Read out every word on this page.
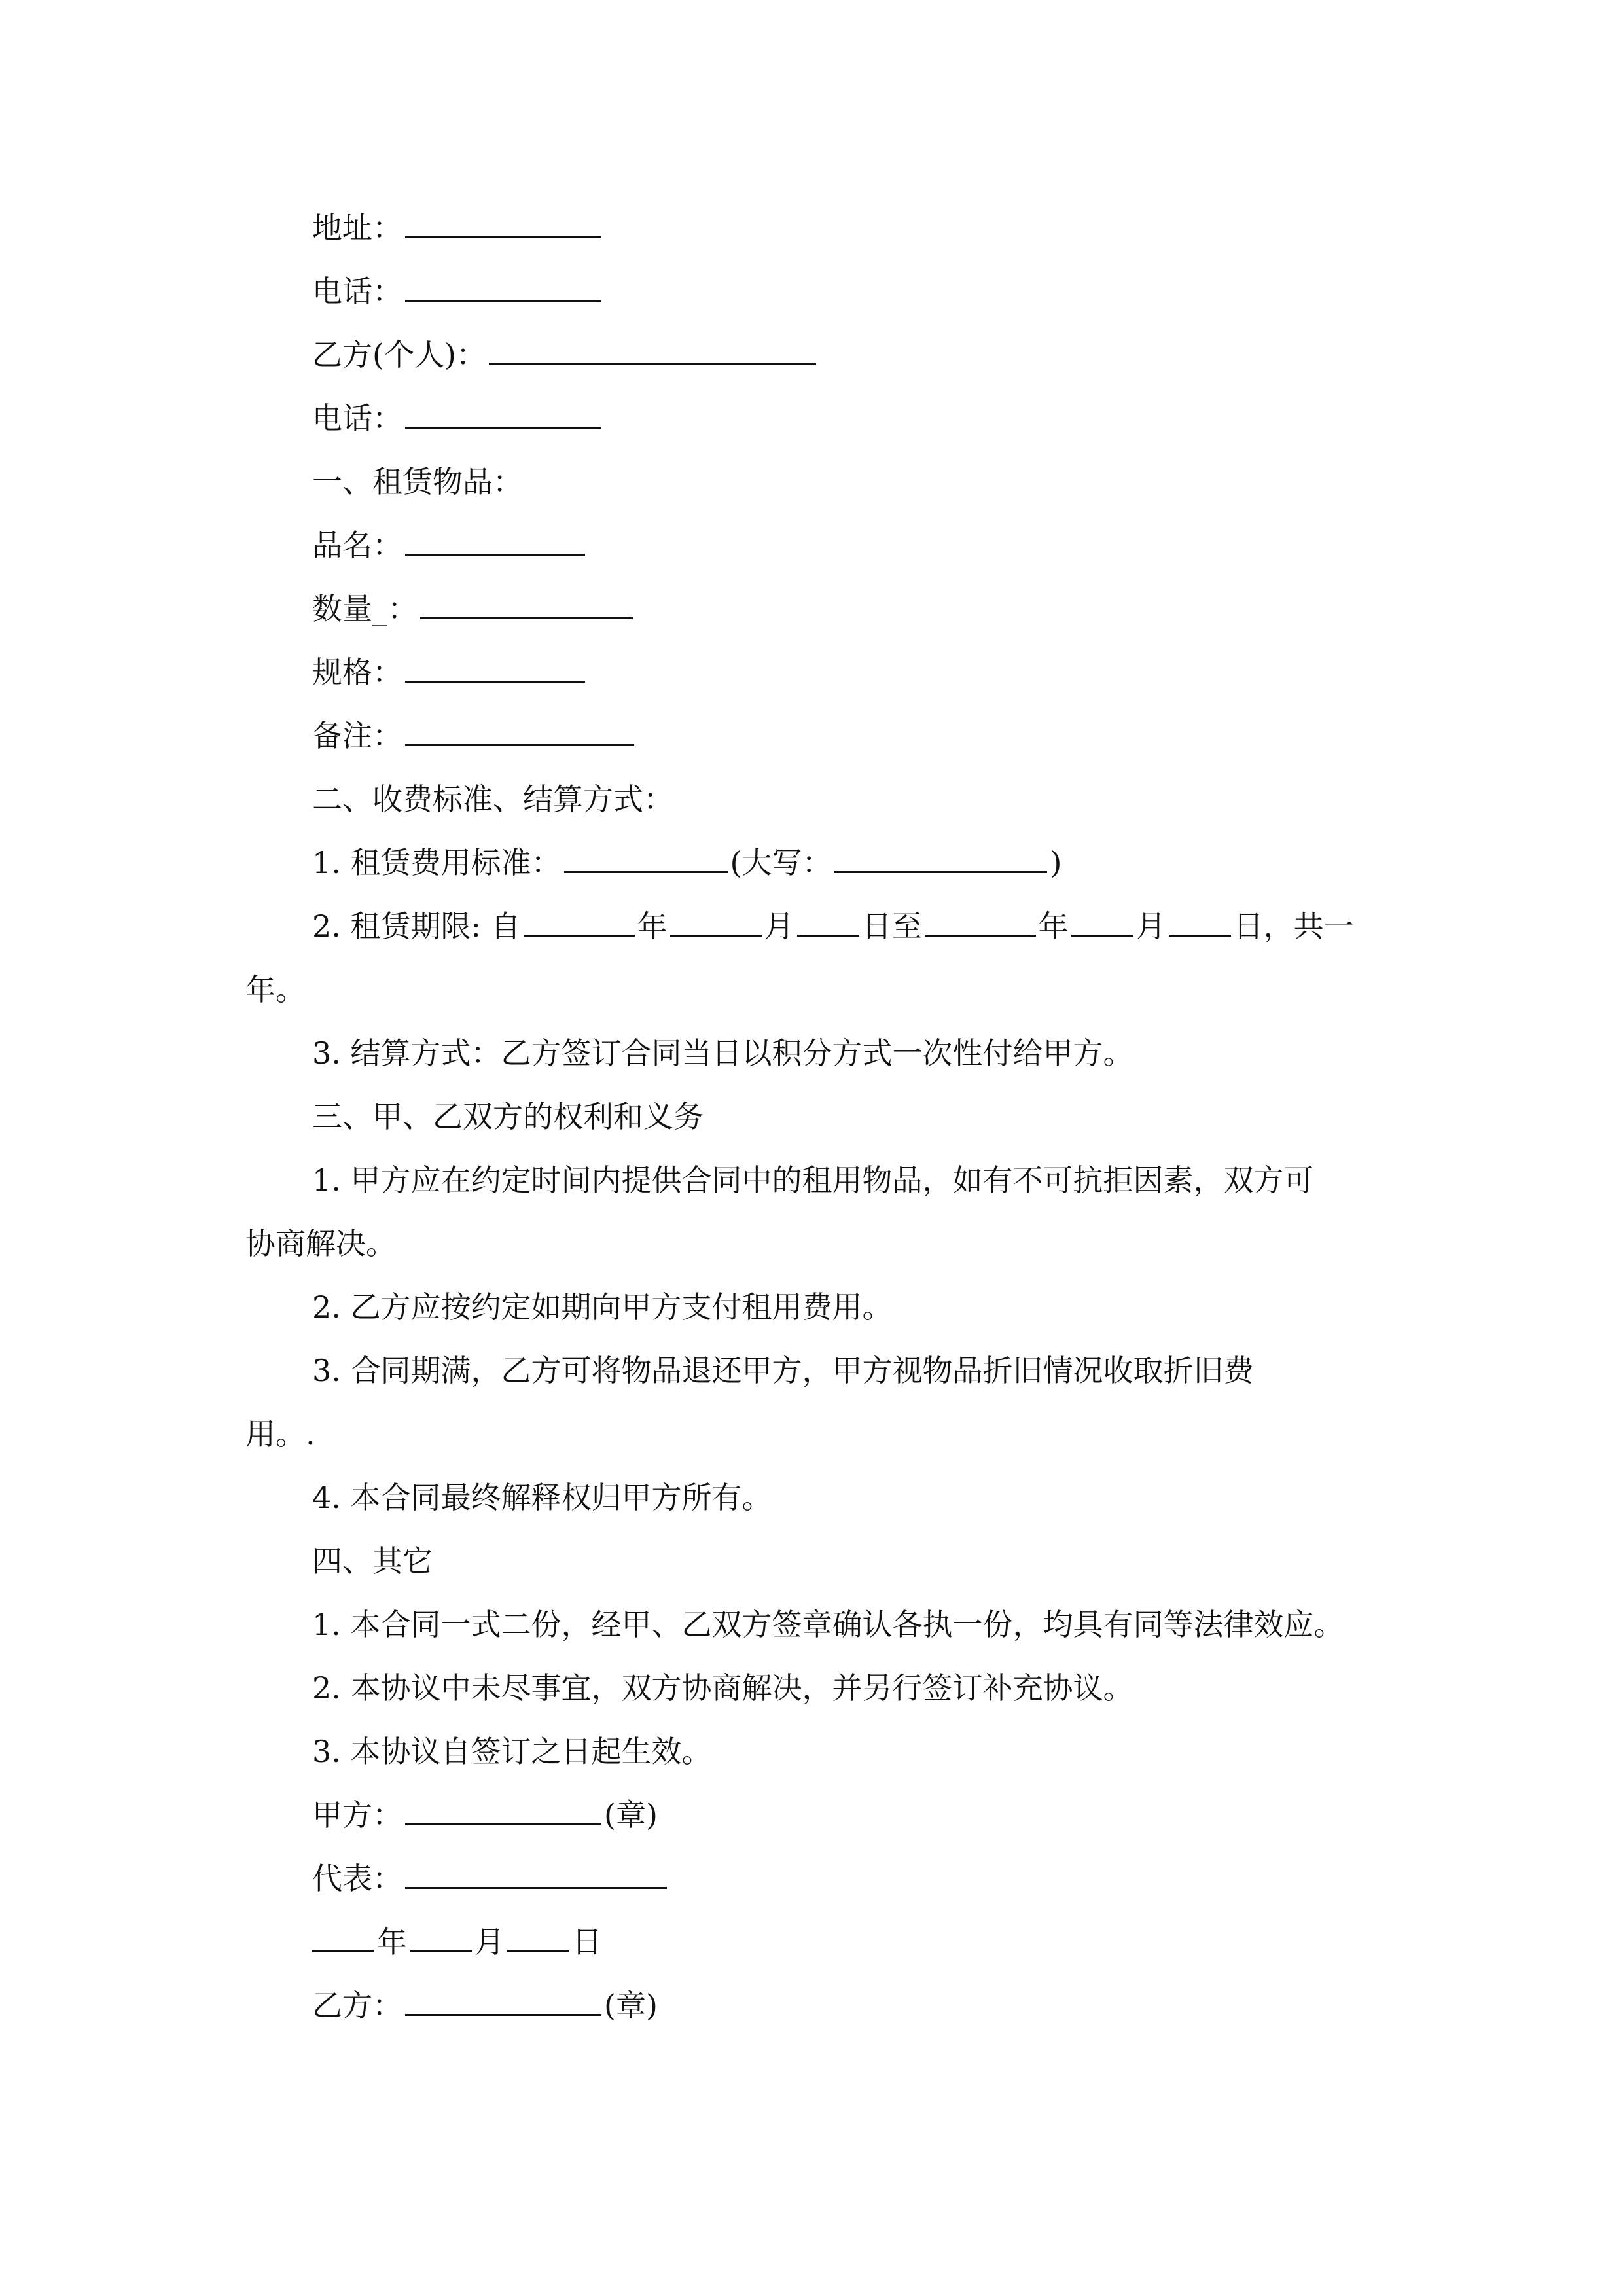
地址：
电话：
乙方(个人)：
电话：
一、租赁物品：
品名：
数量_：
规格：
备注：
二、收费标准、结算方式：
1. 租赁费用标准：	(大写：	)
2. 租赁期限: 自	年	月 日至	年 月 日，共一
年。
3. 结算方式：乙方签订合同当日以积分方式一次性付给甲方。
三、甲、乙双方的权利和义务
1. 甲方应在约定时间内提供合同中的租用物品，如有不可抗拒因素，双方可
协商解决。
2. 乙方应按约定如期向甲方支付租用费用。
3. 合同期满，乙方可将物品退还甲方，甲方视物品折旧情况收取折旧费
用。.
4. 本合同最终解释权归甲方所有。
四、其它
1. 本合同一式二份，经甲、乙双方签章确认各执一份，均具有同等法律效应。
2. 本协议中未尽事宜，双方协商解决，并另行签订补充协议。
3. 本协议自签订之日起生效。
甲方：	(章)
代表：
年 月 日
乙方：	(章)
